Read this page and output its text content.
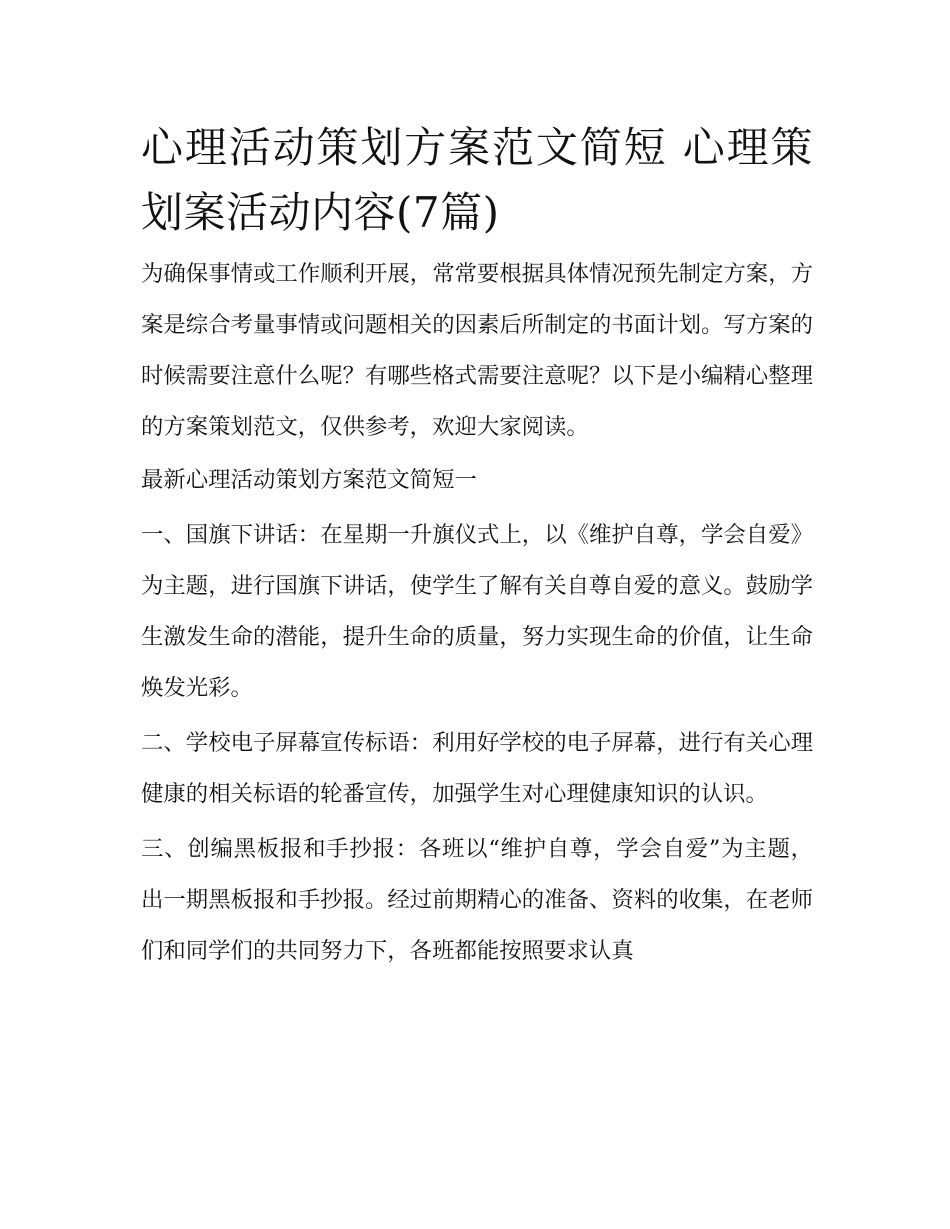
心理活动策划方案范文简短 心理策划案活动内容(7篇)

为确保事情或工作顺利开展，常常要根据具体情况预先制定方案，方案是综合考量事情或问题相关的因素后所制定的书面计划。写方案的时候需要注意什么呢？有哪些格式需要注意呢？以下是小编精心整理的方案策划范文，仅供参考，欢迎大家阅读。

最新心理活动策划方案范文简短一

一、国旗下讲话：在星期一升旗仪式上，以《维护自尊，学会自爱》为主题，进行国旗下讲话，使学生了解有关自尊自爱的意义。鼓励学生激发生命的潜能，提升生命的质量，努力实现生命的价值，让生命焕发光彩。

二、学校电子屏幕宣传标语：利用好学校的电子屏幕，进行有关心理健康的相关标语的轮番宣传，加强学生对心理健康知识的认识。

三、创编黑板报和手抄报：各班以“维护自尊，学会自爱”为主题，出一期黑板报和手抄报。经过前期精心的准备、资料的收集，在老师们和同学们的共同努力下，各班都能按照要求认真
